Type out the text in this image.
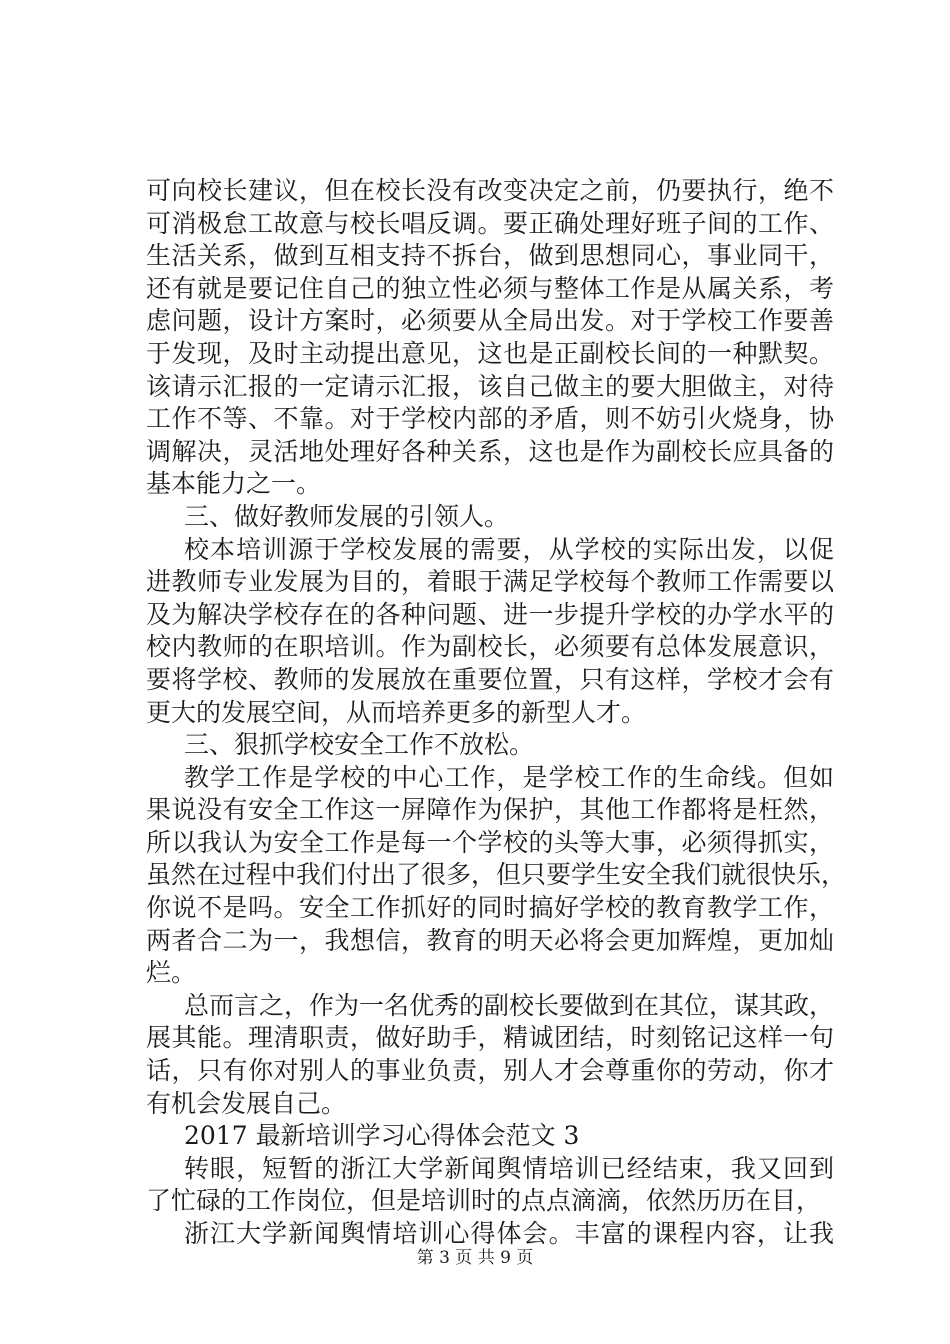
可向校长建议，但在校长没有改变决定之前，仍要执行，绝不
可消极怠工故意与校长唱反调。要正确处理好班子间的工作、
生活关系，做到互相支持不拆台，做到思想同心，事业同干，
还有就是要记住自己的独立性必须与整体工作是从属关系，考
虑问题，设计方案时，必须要从全局出发。对于学校工作要善
于发现，及时主动提出意见，这也是正副校长间的一种默契。
该请示汇报的一定请示汇报，该自己做主的要大胆做主，对待
工作不等、不靠。对于学校内部的矛盾，则不妨引火烧身，协
调解决，灵活地处理好各种关系，这也是作为副校长应具备的
基本能力之一。
三、做好教师发展的引领人。
校本培训源于学校发展的需要，从学校的实际出发，以促
进教师专业发展为目的，着眼于满足学校每个教师工作需要以
及为解决学校存在的各种问题、进一步提升学校的办学水平的
校内教师的在职培训。作为副校长，必须要有总体发展意识，
要将学校、教师的发展放在重要位置，只有这样，学校才会有
更大的发展空间，从而培养更多的新型人才。
三、狠抓学校安全工作不放松。
教学工作是学校的中心工作，是学校工作的生命线。但如
果说没有安全工作这一屏障作为保护，其他工作都将是枉然，
所以我认为安全工作是每一个学校的头等大事，必须得抓实，
虽然在过程中我们付出了很多，但只要学生安全我们就很快乐，
你说不是吗。安全工作抓好的同时搞好学校的教育教学工作，
两者合二为一，我想信，教育的明天必将会更加辉煌，更加灿
烂。
总而言之，作为一名优秀的副校长要做到在其位，谋其政，
展其能。理清职责，做好助手，精诚团结，时刻铭记这样一句
话，只有你对别人的事业负责，别人才会尊重你的劳动，你才
有机会发展自己。
2017 最新培训学习心得体会范文 3
转眼，短暂的浙江大学新闻舆情培训已经结束，我又回到
了忙碌的工作岗位，但是培训时的点点滴滴，依然历历在目，
浙江大学新闻舆情培训心得体会。丰富的课程内容，让我
第 3 页 共 9 页
